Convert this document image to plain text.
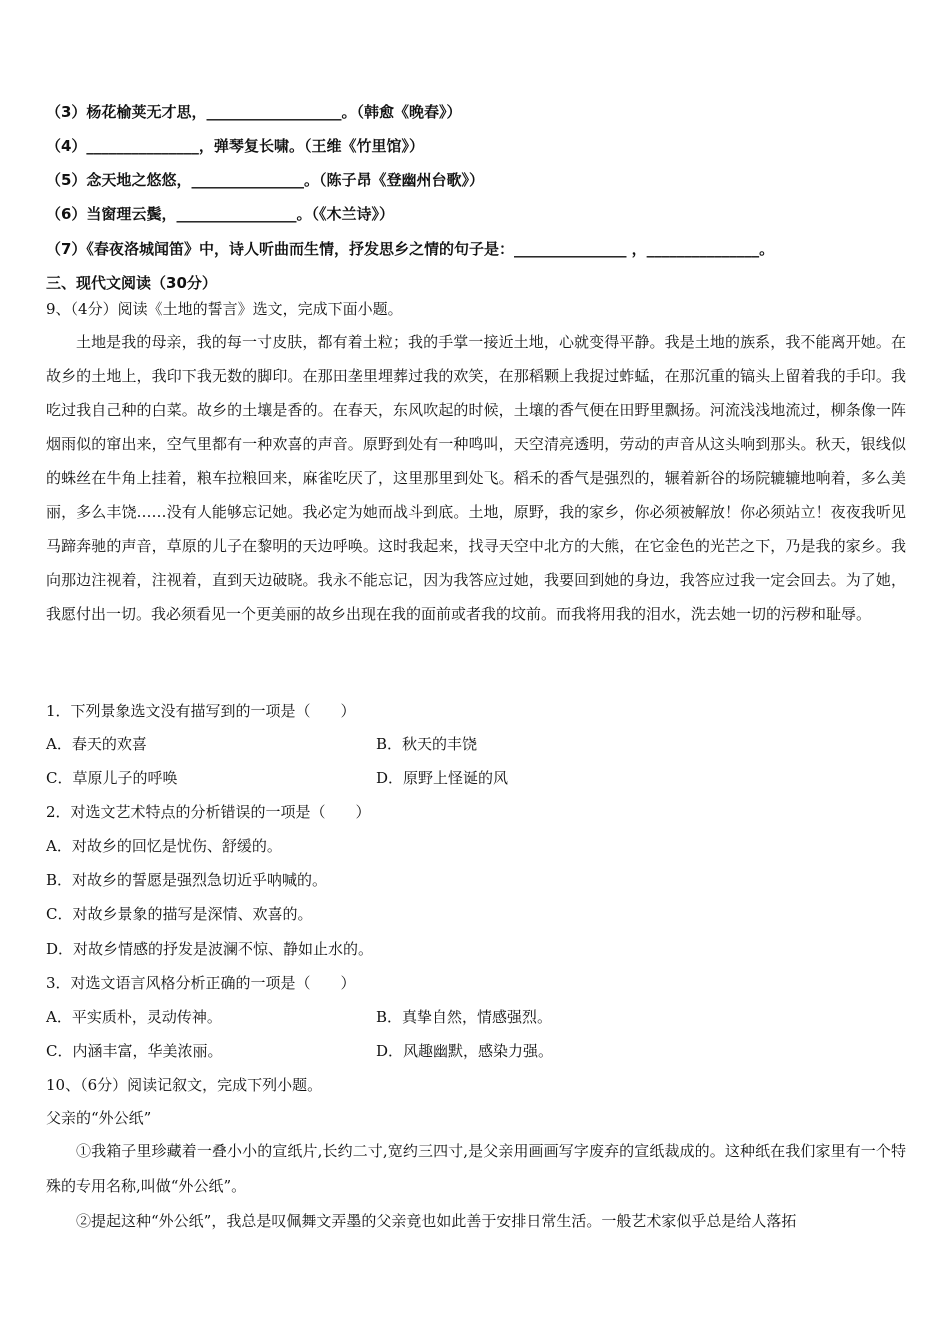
（3）杨花榆荚无才思，__________________。（韩愈《晚春》）
（4）_______________，弹琴复长啸。（王维《竹里馆》）
（5）念天地之悠悠，_______________。（陈子昂《登幽州台歌》）
（6）当窗理云鬓，________________。（《木兰诗》）
（7）《春夜洛城闻笛》中，诗人听曲而生情，抒发思乡之情的句子是：_______________ ，_______________。
三、现代文阅读（30分）
9、（4分）阅读《土地的誓言》选文，完成下面小题。

土地是我的母亲，我的每一寸皮肤，都有着土粒；我的手掌一接近土地，心就变得平静。我是土地的族系，我不能离开她。在故乡的土地上，我印下我无数的脚印。在那田垄里埋葬过我的欢笑，在那稻颗上我捉过蚱蜢，在那沉重的镐头上留着我的手印。我吃过我自己种的白菜。故乡的土壤是香的。在春天，东风吹起的时候，土壤的香气便在田野里飘扬。河流浅浅地流过，柳条像一阵烟雨似的窜出来，空气里都有一种欢喜的声音。原野到处有一种鸣叫，天空清亮透明，劳动的声音从这头响到那头。秋天，银线似的蛛丝在牛角上挂着，粮车拉粮回来，麻雀吃厌了，这里那里到处飞。稻禾的香气是强烈的，辗着新谷的场院辘辘地响着，多么美丽，多么丰饶……没有人能够忘记她。我必定为她而战斗到底。土地，原野，我的家乡，你必须被解放！你必须站立！夜夜我听见马蹄奔驰的声音，草原的儿子在黎明的天边呼唤。这时我起来，找寻天空中北方的大熊，在它金色的光芒之下，乃是我的家乡。我向那边注视着，注视着，直到天边破晓。我永不能忘记，因为我答应过她，我要回到她的身边，我答应过我一定会回去。为了她，我愿付出一切。我必须看见一个更美丽的故乡出现在我的面前或者我的坟前。而我将用我的泪水，洗去她一切的污秽和耻辱。

1．下列景象选文没有描写到的一项是（　　）
A．春天的欢喜	B．秋天的丰饶
C．草原儿子的呼唤	D．原野上怪诞的风
2．对选文艺术特点的分析错误的一项是（　　）
A．对故乡的回忆是忧伤、舒缓的。
B．对故乡的誓愿是强烈急切近乎呐喊的。
C．对故乡景象的描写是深情、欢喜的。
D．对故乡情感的抒发是波澜不惊、静如止水的。
3．对选文语言风格分析正确的一项是（　　）
A．平实质朴，灵动传神。	B．真挚自然，情感强烈。
C．内涵丰富，华美浓丽。	D．风趣幽默，感染力强。
10、（6分）阅读记叙文，完成下列小题。
父亲的“外公纸”

①我箱子里珍藏着一叠小小的宣纸片,长约二寸,宽约三四寸,是父亲用画画写字废弃的宣纸裁成的。这种纸在我们家里有一个特殊的专用名称,叫做“外公纸”。

②提起这种“外公纸”，我总是叹佩舞文弄墨的父亲竟也如此善于安排日常生活。一般艺术家似乎总是给人落拓
